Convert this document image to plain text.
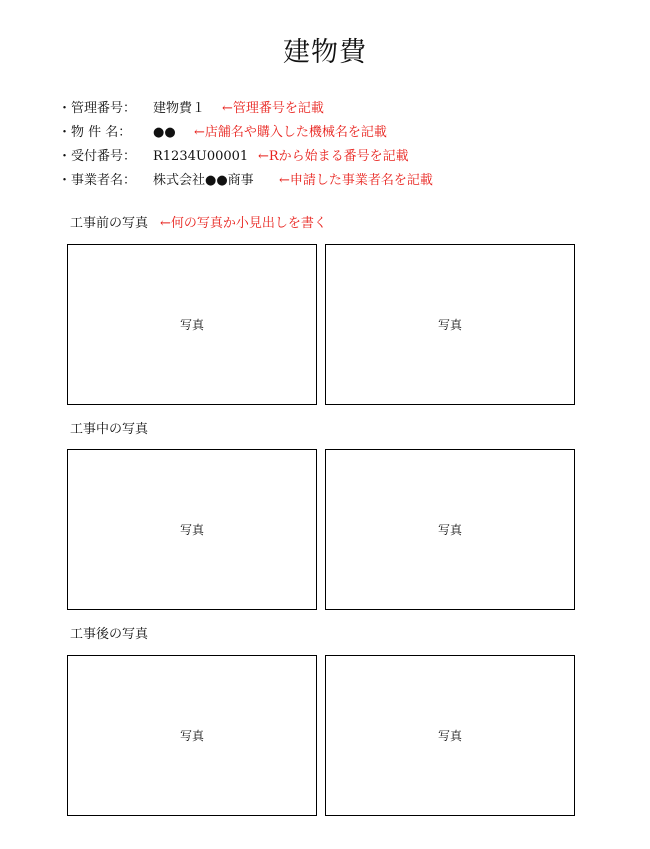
建物費
・管理番号： 建物費１ ←管理番号を記載
・物 件 名： ●● ←店舗名や購入した機械名を記載
・受付番号： R1234U00001 ←Rから始まる番号を記載
・事業者名： 株式会社●●商事 ←申請した事業者名を記載
工事前の写真 ←何の写真か小見出しを書く
写真	写真
工事中の写真
写真	写真
工事後の写真
写真	写真
